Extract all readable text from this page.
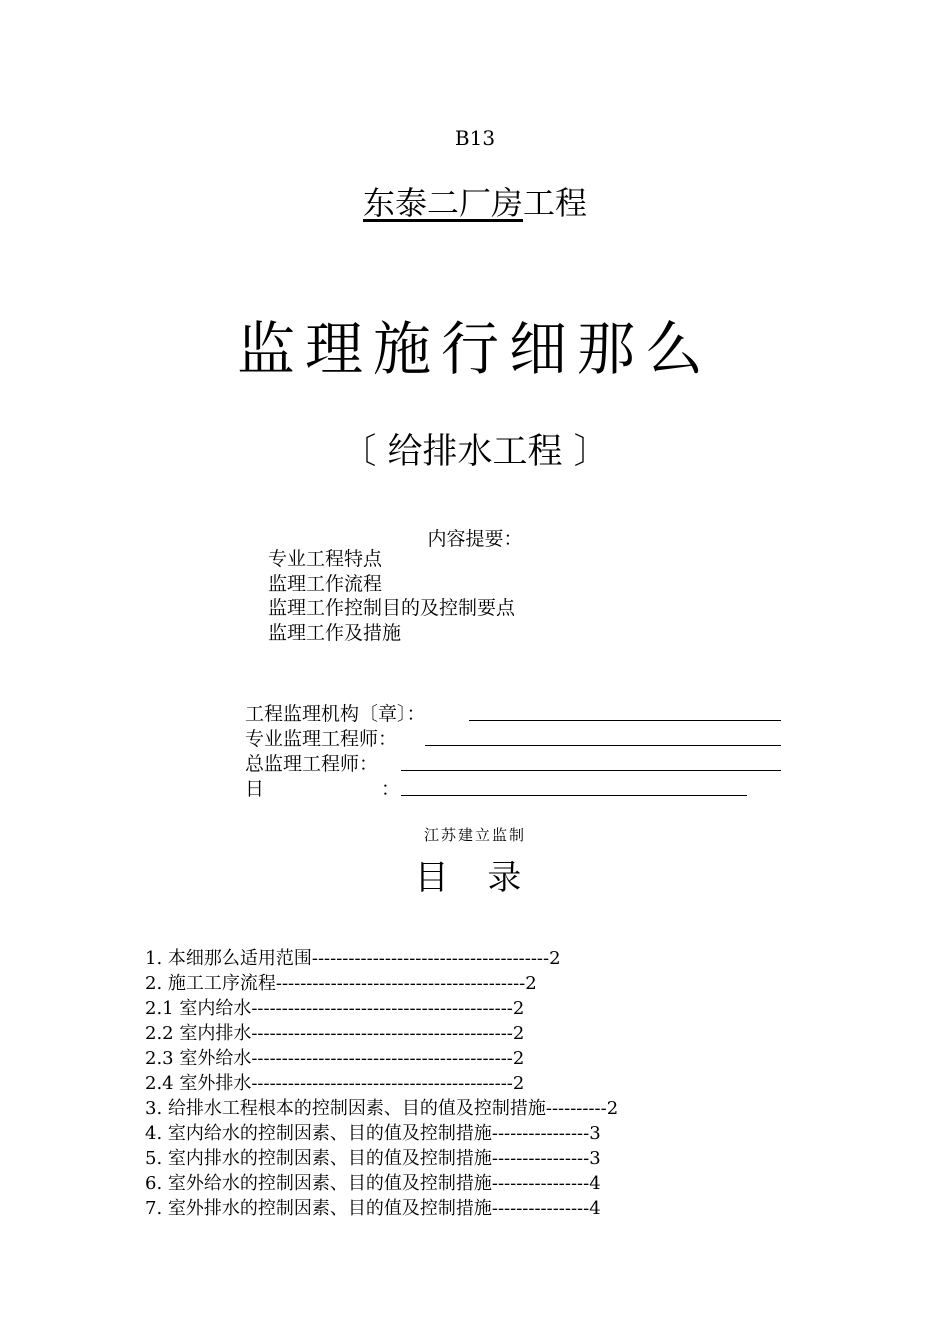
B13
东泰二厂房工程
监理施行细那么
〔 给排水工程 〕
内容提要：
专业工程特点
监理工作流程
监理工作控制目的及控制要点
监理工作及措施
工程监理机构〔章〕：
专业监理工程师：
总监理工程师：
日	：
江苏建立监制
目 录
1. 本细那么适用范围---------------------------------------2
2. 施工工序流程-----------------------------------------2
2.1 室内给水-------------------------------------------2
2.2 室内排水-------------------------------------------2
2.3 室外给水-------------------------------------------2
2.4 室外排水-------------------------------------------2
3. 给排水工程根本的控制因素、目的值及控制措施----------2
4. 室内给水的控制因素、目的值及控制措施----------------3
5. 室内排水的控制因素、目的值及控制措施----------------3
6. 室外给水的控制因素、目的值及控制措施----------------4
7. 室外排水的控制因素、目的值及控制措施----------------4
